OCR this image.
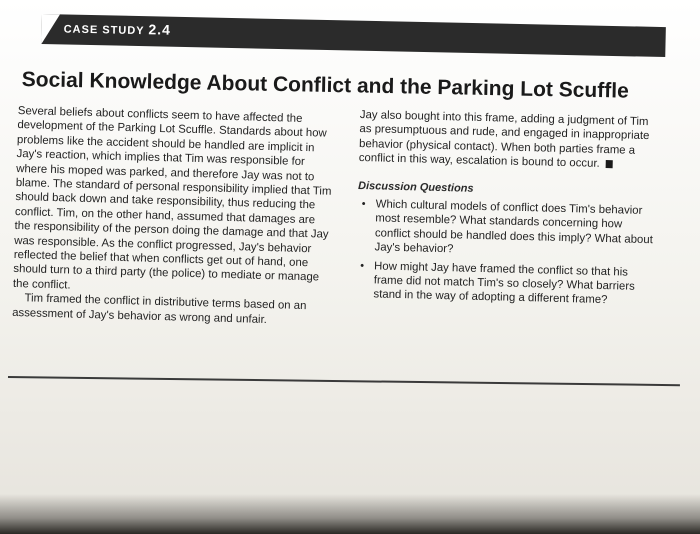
CASE STUDY 2.4
Social Knowledge About Conflict and the Parking Lot Scuffle

Several beliefs about conflicts seem to have affected the development of the Parking Lot Scuffle. Standards about how problems like the accident should be handled are implicit in Jay's reaction, which implies that Tim was responsible for where his moped was parked, and therefore Jay was not to blame. The standard of personal responsibility implied that Tim should back down and take responsibility, thus reducing the conflict. Tim, on the other hand, assumed that damages are the responsibility of the person doing the damage and that Jay was responsible. As the conflict progressed, Jay's behavior reflected the belief that when conflicts get out of hand, one should turn to a third party (the police) to mediate or manage the conflict.

Tim framed the conflict in distributive terms based on an assessment of Jay's behavior as wrong and unfair.

Jay also bought into this frame, adding a judgment of Tim as presumptuous and rude, and engaged in inappropriate behavior (physical contact). When both parties frame a conflict in this way, escalation is bound to occur.

Discussion Questions
• Which cultural models of conflict does Tim's behavior most resemble? What standards concerning how conflict should be handled does this imply? What about Jay's behavior?
• How might Jay have framed the conflict so that his frame did not match Tim's so closely? What barriers stand in the way of adopting a different frame?
